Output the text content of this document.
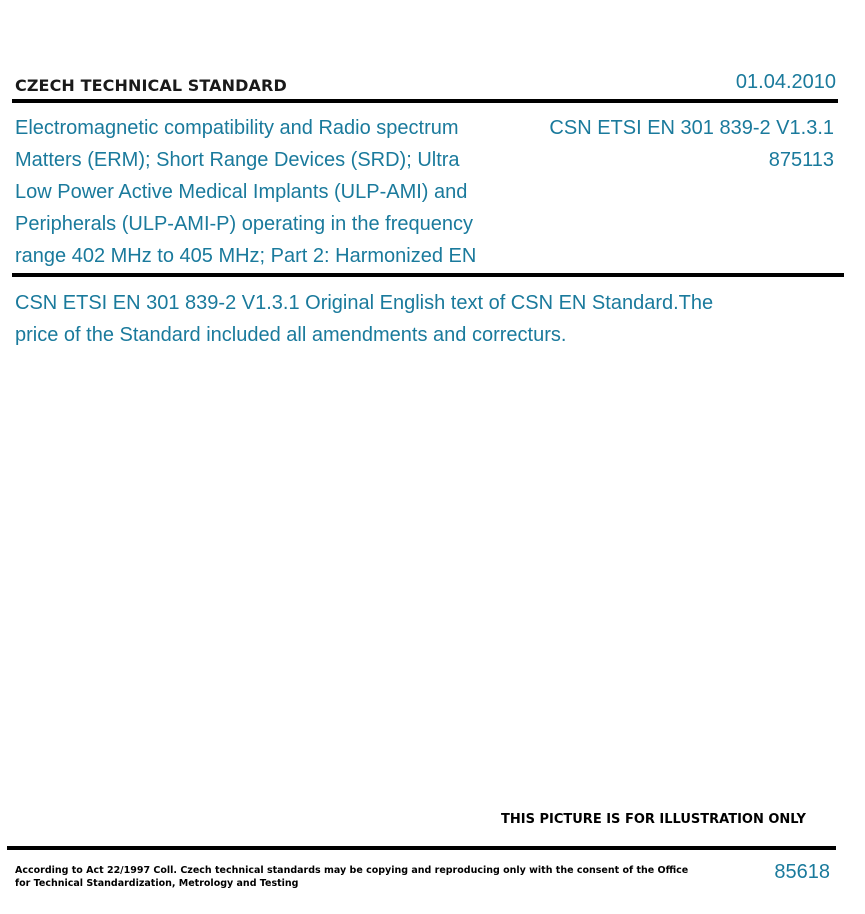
CZECH TECHNICAL STANDARD	01.04.2010
Electromagnetic compatibility and Radio spectrum
Matters (ERM); Short Range Devices (SRD); Ultra
Low Power Active Medical Implants (ULP-AMI) and
Peripherals (ULP-AMI-P) operating in the frequency
range 402 MHz to 405 MHz; Part 2: Harmonized EN
CSN ETSI EN 301 839-2 V1.3.1
875113
CSN ETSI EN 301 839-2 V1.3.1 Original English text of CSN EN Standard.The
price of the Standard included all amendments and correcturs.
THIS PICTURE IS FOR ILLUSTRATION ONLY
According to Act 22/1997 Coll. Czech technical standards may be copying and reproducing only with the consent of the Office
for Technical Standardization, Metrology and Testing
85618
